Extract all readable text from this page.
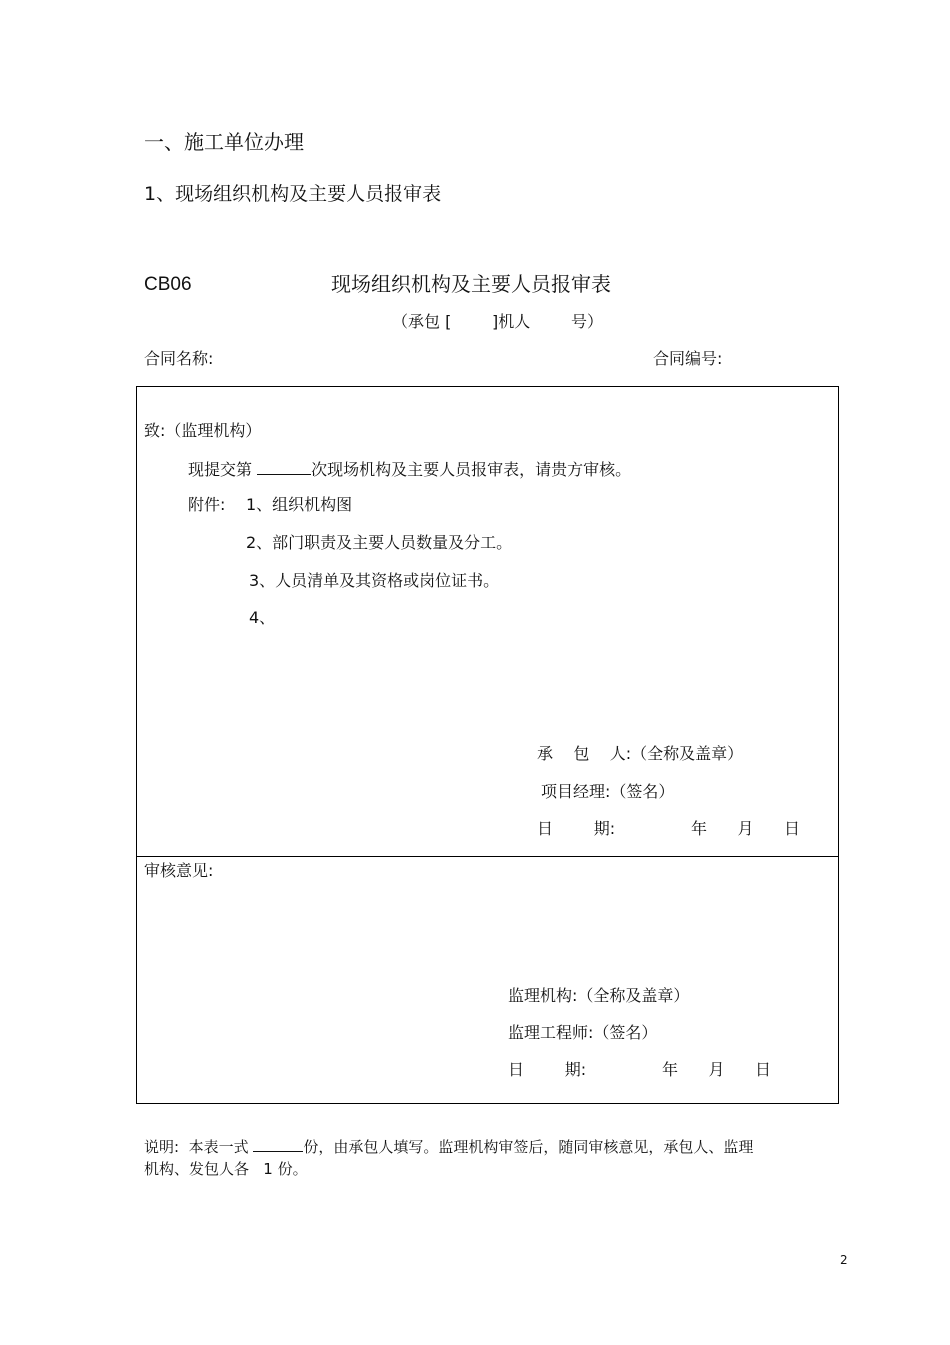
一、施工单位办理
1、现场组织机构及主要人员报审表
CB06	现场组织机构及主要人员报审表
（承包 [        ]机人        号）
合同名称:	合同编号:
致:（监理机构）
现提交第	次现场机构及主要人员报审表，请贵方审核。
附件: 1、组织机构图
2、部门职责及主要人员数量及分工。
3、人员清单及其资格或岗位证书。
4、
承    包    人:（全称及盖章）
项目经理:（签名）
日        期:	年      月      日
审核意见:
监理机构:（全称及盖章）
监理工程师:（签名）
日        期:	年      月      日
说明:  本表一式	份，由承包人填写。监理机构审签后，随同审核意见，承包人、监理
机构、发包人各   1 份。
2
